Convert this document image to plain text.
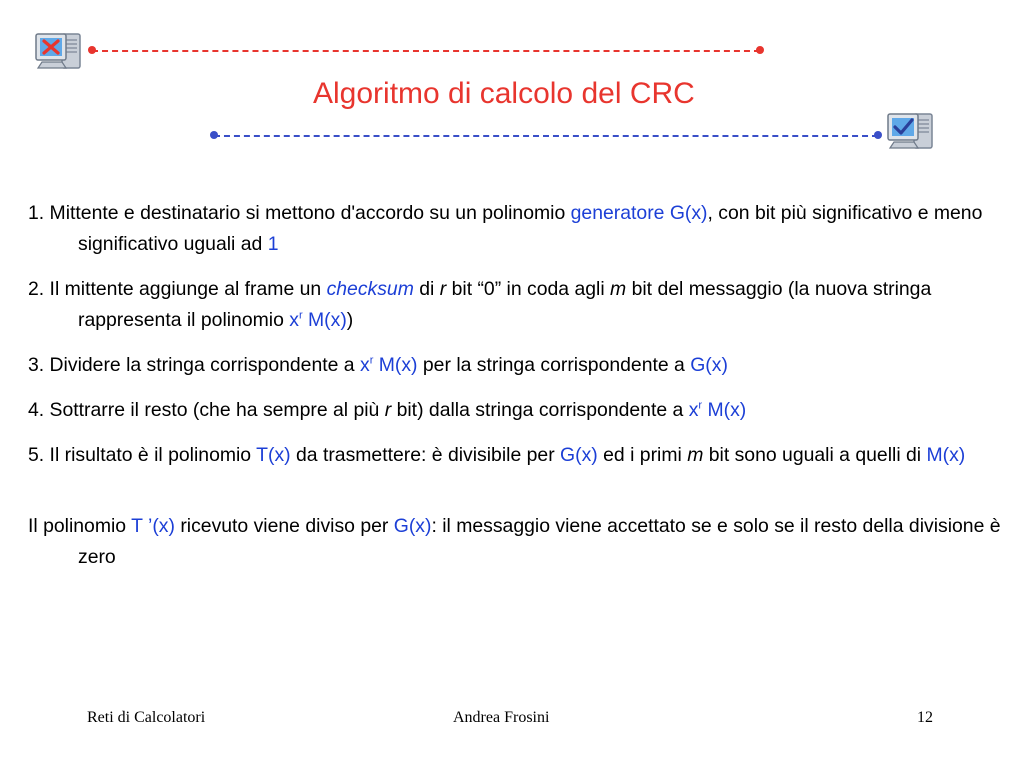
Algoritmo di calcolo del CRC

1. Mittente e destinatario si mettono d'accordo su un polinomio generatore G(x), con bit più significativo e meno significativo uguali ad 1

2. Il mittente aggiunge al frame un checksum di r bit “0” in coda agli m bit del messaggio (la nuova stringa rappresenta il polinomio $x^r$ M(x))

3. Dividere la stringa corrispondente a $x^r$ M(x) per la stringa corrispondente a G(x)

4. Sottrarre il resto (che ha sempre al più r bit) dalla stringa corrispondente a $x^r$ M(x)

5. Il risultato è il polinomio T(x) da trasmettere: è divisibile per G(x) ed i primi m bit sono uguali a quelli di M(x)

Il polinomio T ’(x) ricevuto viene diviso per G(x): il messaggio viene accettato se e solo se il resto della divisione è zero

Reti di Calcolatori	Andrea Frosini	12
